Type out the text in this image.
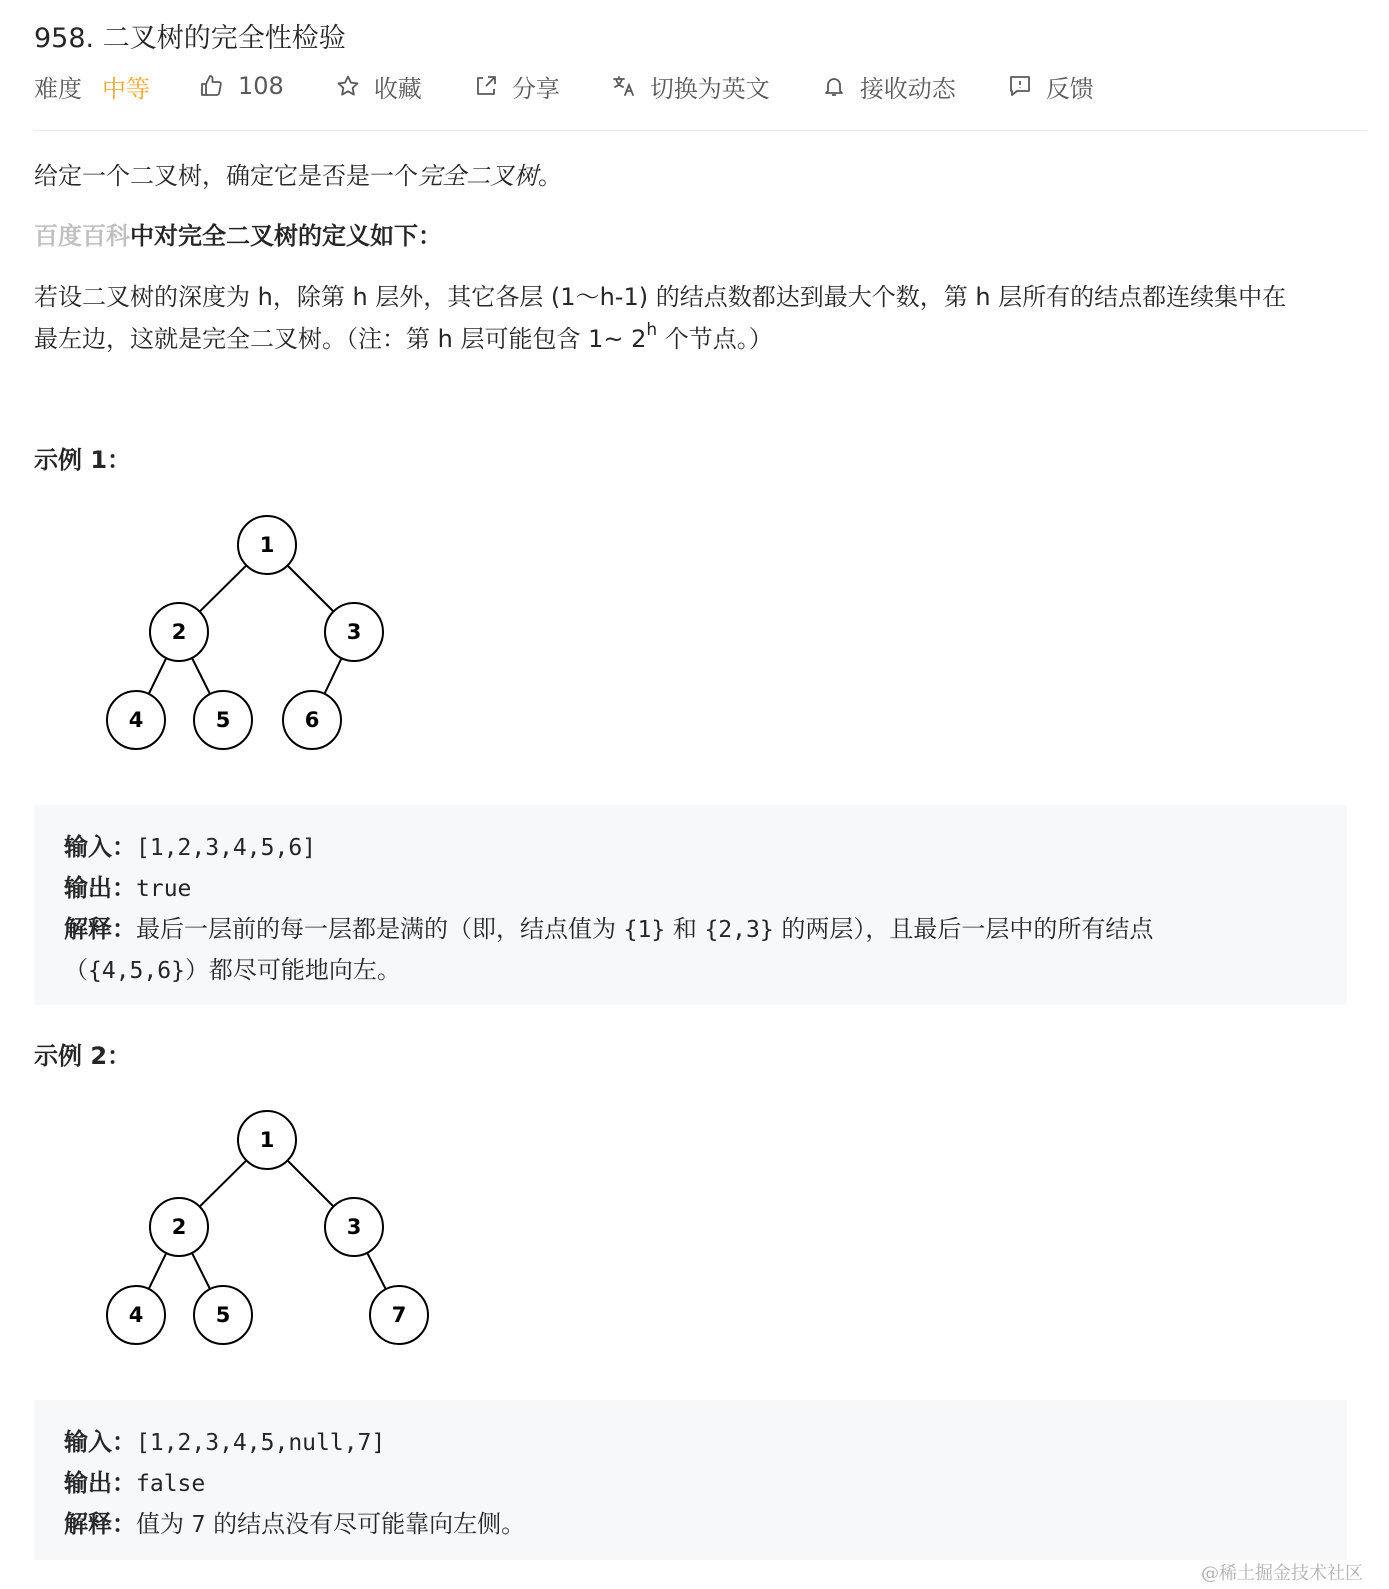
958. 二叉树的完全性检验
难度 中等	108	收藏	分享	切换为英文	接收动态	反馈
给定一个二叉树，确定它是否是一个完全二叉树。
百度百科中对完全二叉树的定义如下：
若设二叉树的深度为 h，除第 h 层外，其它各层 (1～h-1) 的结点数都达到最大个数，第 h 层所有的结点都连续集中在
最左边，这就是完全二叉树。（注：第 h 层可能包含 1~ 2$^h$ 个节点。）
示例 1：
1
2	3
4	5	6
输入：[1,2,3,4,5,6]
输出：true
解释：最后一层前的每一层都是满的（即，结点值为 {1} 和 {2,3} 的两层），且最后一层中的所有结点
（{4,5,6}）都尽可能地向左。
示例 2：
1
2	3
4	5	7
输入：[1,2,3,4,5,null,7]
输出：false
解释：值为 7 的结点没有尽可能靠向左侧。
@稀土掘金技术社区
